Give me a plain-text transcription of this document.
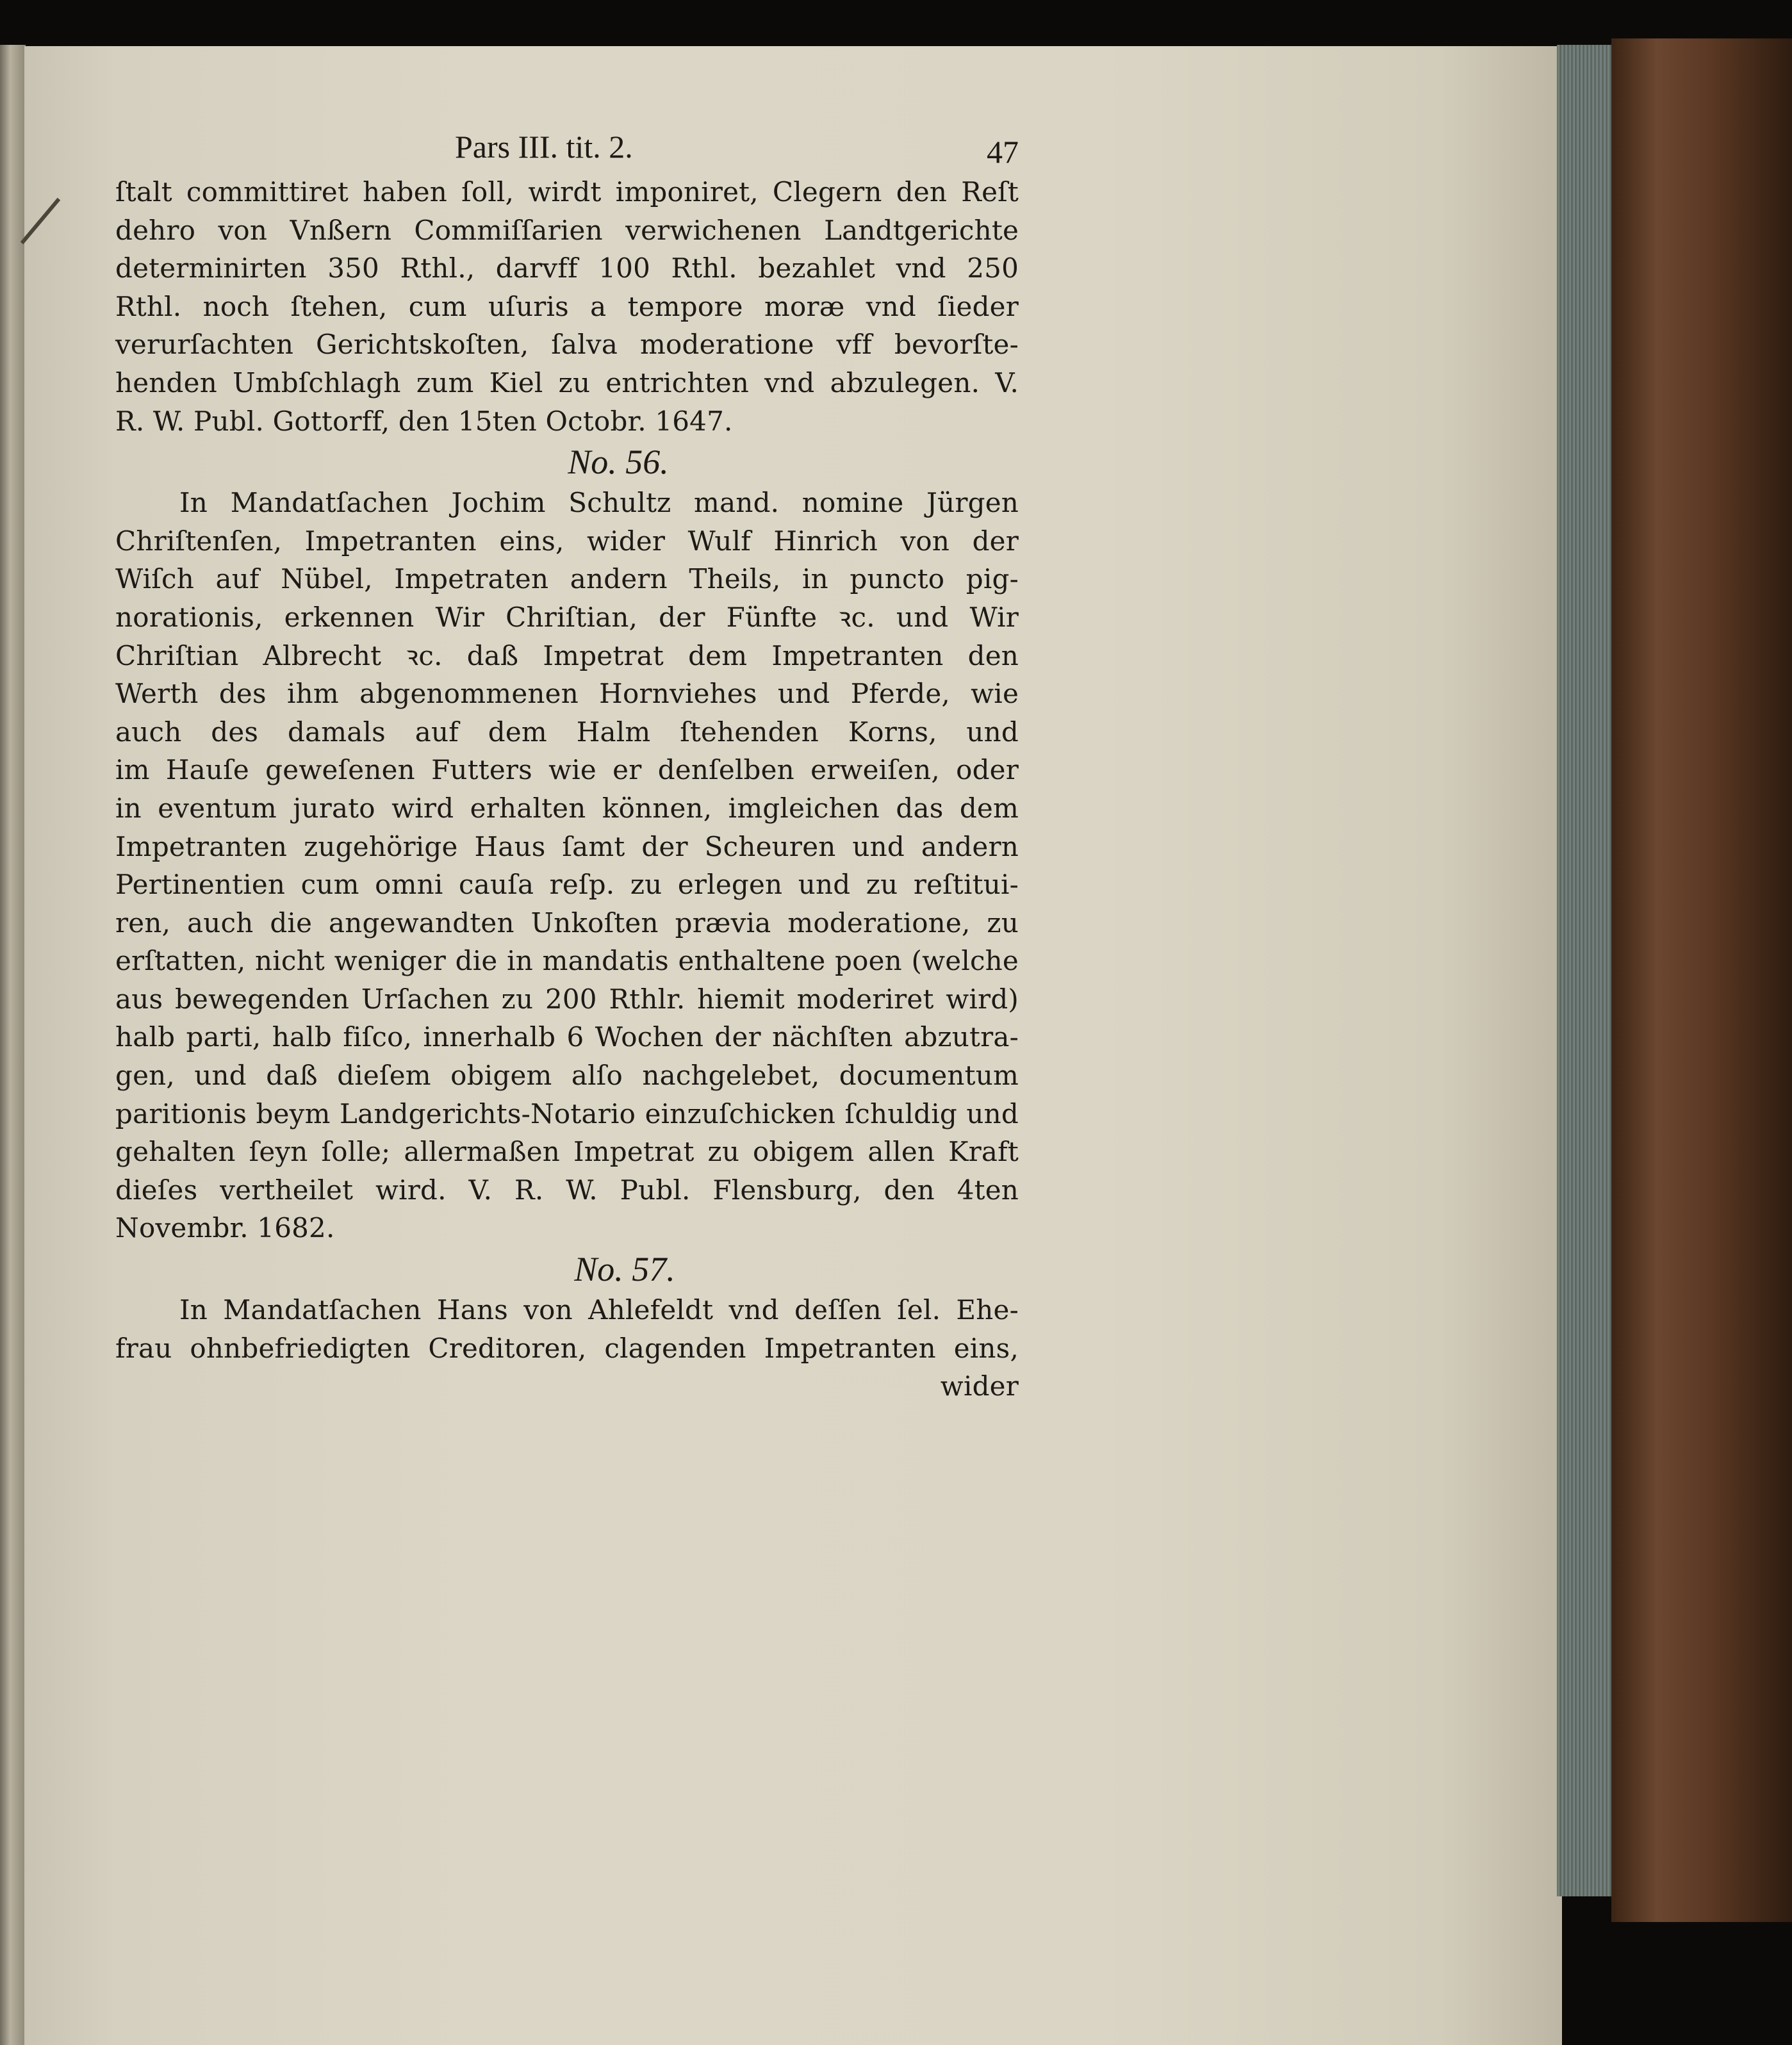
Pars III. tit. 2.	47
ſtalt committiret haben ſoll, wirdt imponiret, Clegern den Reſt
dehro von Vnßern Commiſſarien verwichenen Landtgerichte
determinirten 350 Rthl., darvff 100 Rthl. bezahlet vnd 250
Rthl. noch ſtehen, cum uſuris a tempore moræ vnd ſieder
verurſachten Gerichtskoſten, ſalva moderatione vff bevorſte-
henden Umbſchlagh zum Kiel zu entrichten vnd abzulegen. V.
R. W. Publ. Gottorff, den 15ten Octobr. 1647.
No. 56.
In Mandatſachen Jochim Schultz mand. nomine Jürgen
Chriſtenſen, Impetranten eins, wider Wulf Hinrich von der
Wiſch auf Nübel, Impetraten andern Theils, in puncto pig-
norationis, erkennen Wir Chriſtian, der Fünfte ꝛc. und Wir
Chriſtian Albrecht ꝛc. daß Impetrat dem Impetranten den
Werth des ihm abgenommenen Hornviehes und Pferde, wie
auch des damals auf dem Halm ſtehenden Korns, und
im Hauſe geweſenen Futters wie er denſelben erweiſen, oder
in eventum jurato wird erhalten können, imgleichen das dem
Impetranten zugehörige Haus ſamt der Scheuren und andern
Pertinentien cum omni cauſa reſp. zu erlegen und zu reſtitui-
ren, auch die angewandten Unkoſten prævia moderatione, zu
erſtatten, nicht weniger die in mandatis enthaltene poen (welche
aus bewegenden Urſachen zu 200 Rthlr. hiemit moderiret wird)
halb parti, halb fiſco, innerhalb 6 Wochen der nächſten abzutra-
gen, und daß dieſem obigem alſo nachgelebet, documentum
paritionis beym Landgerichts-Notario einzuſchicken ſchuldig und
gehalten ſeyn ſolle; allermaßen Impetrat zu obigem allen Kraft
dieſes vertheilet wird. V. R. W. Publ. Flensburg, den 4ten
Novembr. 1682.
No. 57.
In Mandatſachen Hans von Ahlefeldt vnd deſſen ſel. Ehe-
frau ohnbefriedigten Creditoren, clagenden Impetranten eins,
wider
